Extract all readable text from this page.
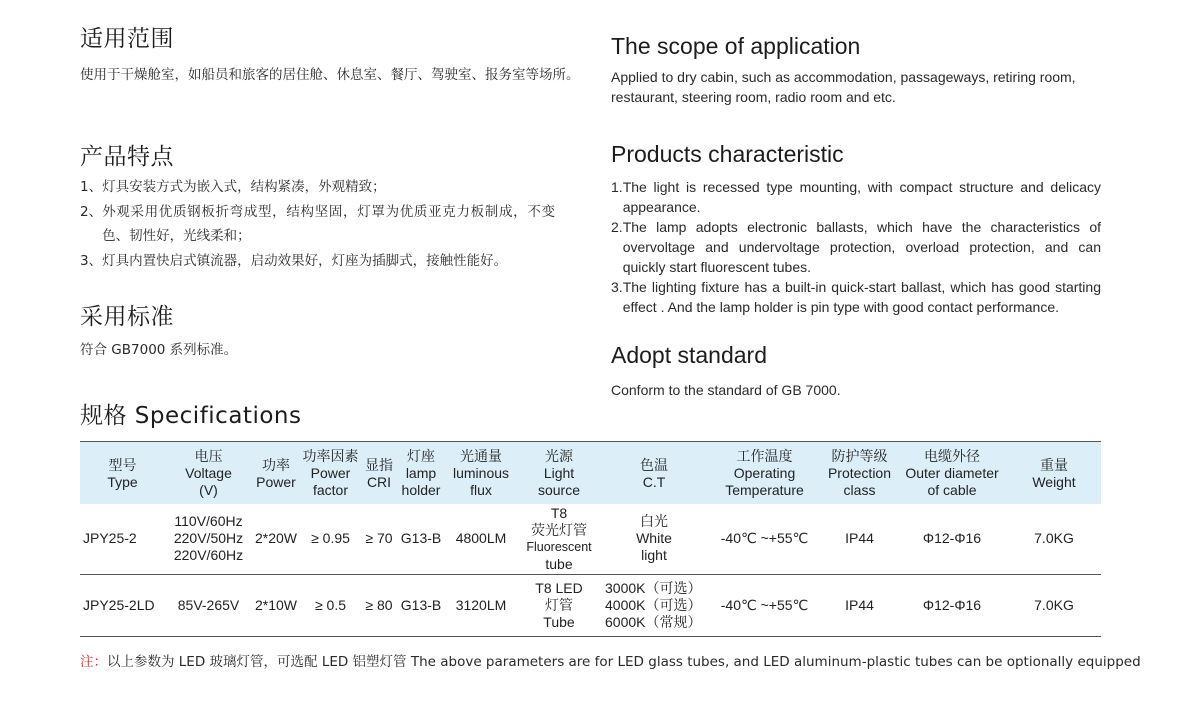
适用范围
使用于干燥舱室，如船员和旅客的居住舱、休息室、餐厅、驾驶室、报务室等场所。
产品特点
1、 灯具安装方式为嵌入式，结构紧凑，外观精致；
2、 外观采用优质钢板折弯成型，结构坚固，灯罩为优质亚克力板制成，不变色、韧性好，光线柔和；
3、 灯具内置快启式镇流器，启动效果好，灯座为插脚式，接触性能好。
采用标准
符合 GB7000 系列标准。
The scope of application
Applied to dry cabin, such as accommodation, passageways, retiring room, restaurant, steering room, radio room and etc.
Products characteristic
1. The light is recessed type mounting, with compact structure and delicacy appearance.
2. The lamp adopts electronic ballasts, which have the characteristics of overvoltage and undervoltage protection, overload protection, and can quickly start fluorescent tubes.
3. The lighting fixture has a built-in quick-start ballast, which has good starting effect . And the lamp holder is pin type with good contact performance.
Adopt standard
Conform to the standard of GB 7000.
规格 Specifications
型号
Type	电压
Voltage
(V)	功率
Power	功率因素
Power
factor	显指
CRI	灯座
lamp
holder	光通量
luminous
flux	光源
Light
source	色温
C.T	工作温度
Operating
Temperature	防护等级
Protection
class	电缆外径
Outer diameter
of cable	重量
Weight

JPY25-2	110V/60Hz
220V/50Hz
220V/60Hz	2*20W	≥ 0.95	≥ 70	G13-B	4800LM	T8
荧光灯管
Fluorescent
tube	白光
White
light	-40℃ ~+55℃	IP44	Φ12-Φ16	7.0KG
JPY25-2LD	85V-265V	2*10W	≥ 0.5	≥ 80	G13-B	3120LM	T8 LED
灯管
Tube	3000K（可选）
4000K（可选）
6000K（常规）	-40℃ ~+55℃	IP44	Φ12-Φ16	7.0KG
注：以上参数为 LED 玻璃灯管，可选配 LED 铝塑灯管 The above parameters are for LED glass tubes, and LED aluminum-plastic tubes can be optionally equipped
